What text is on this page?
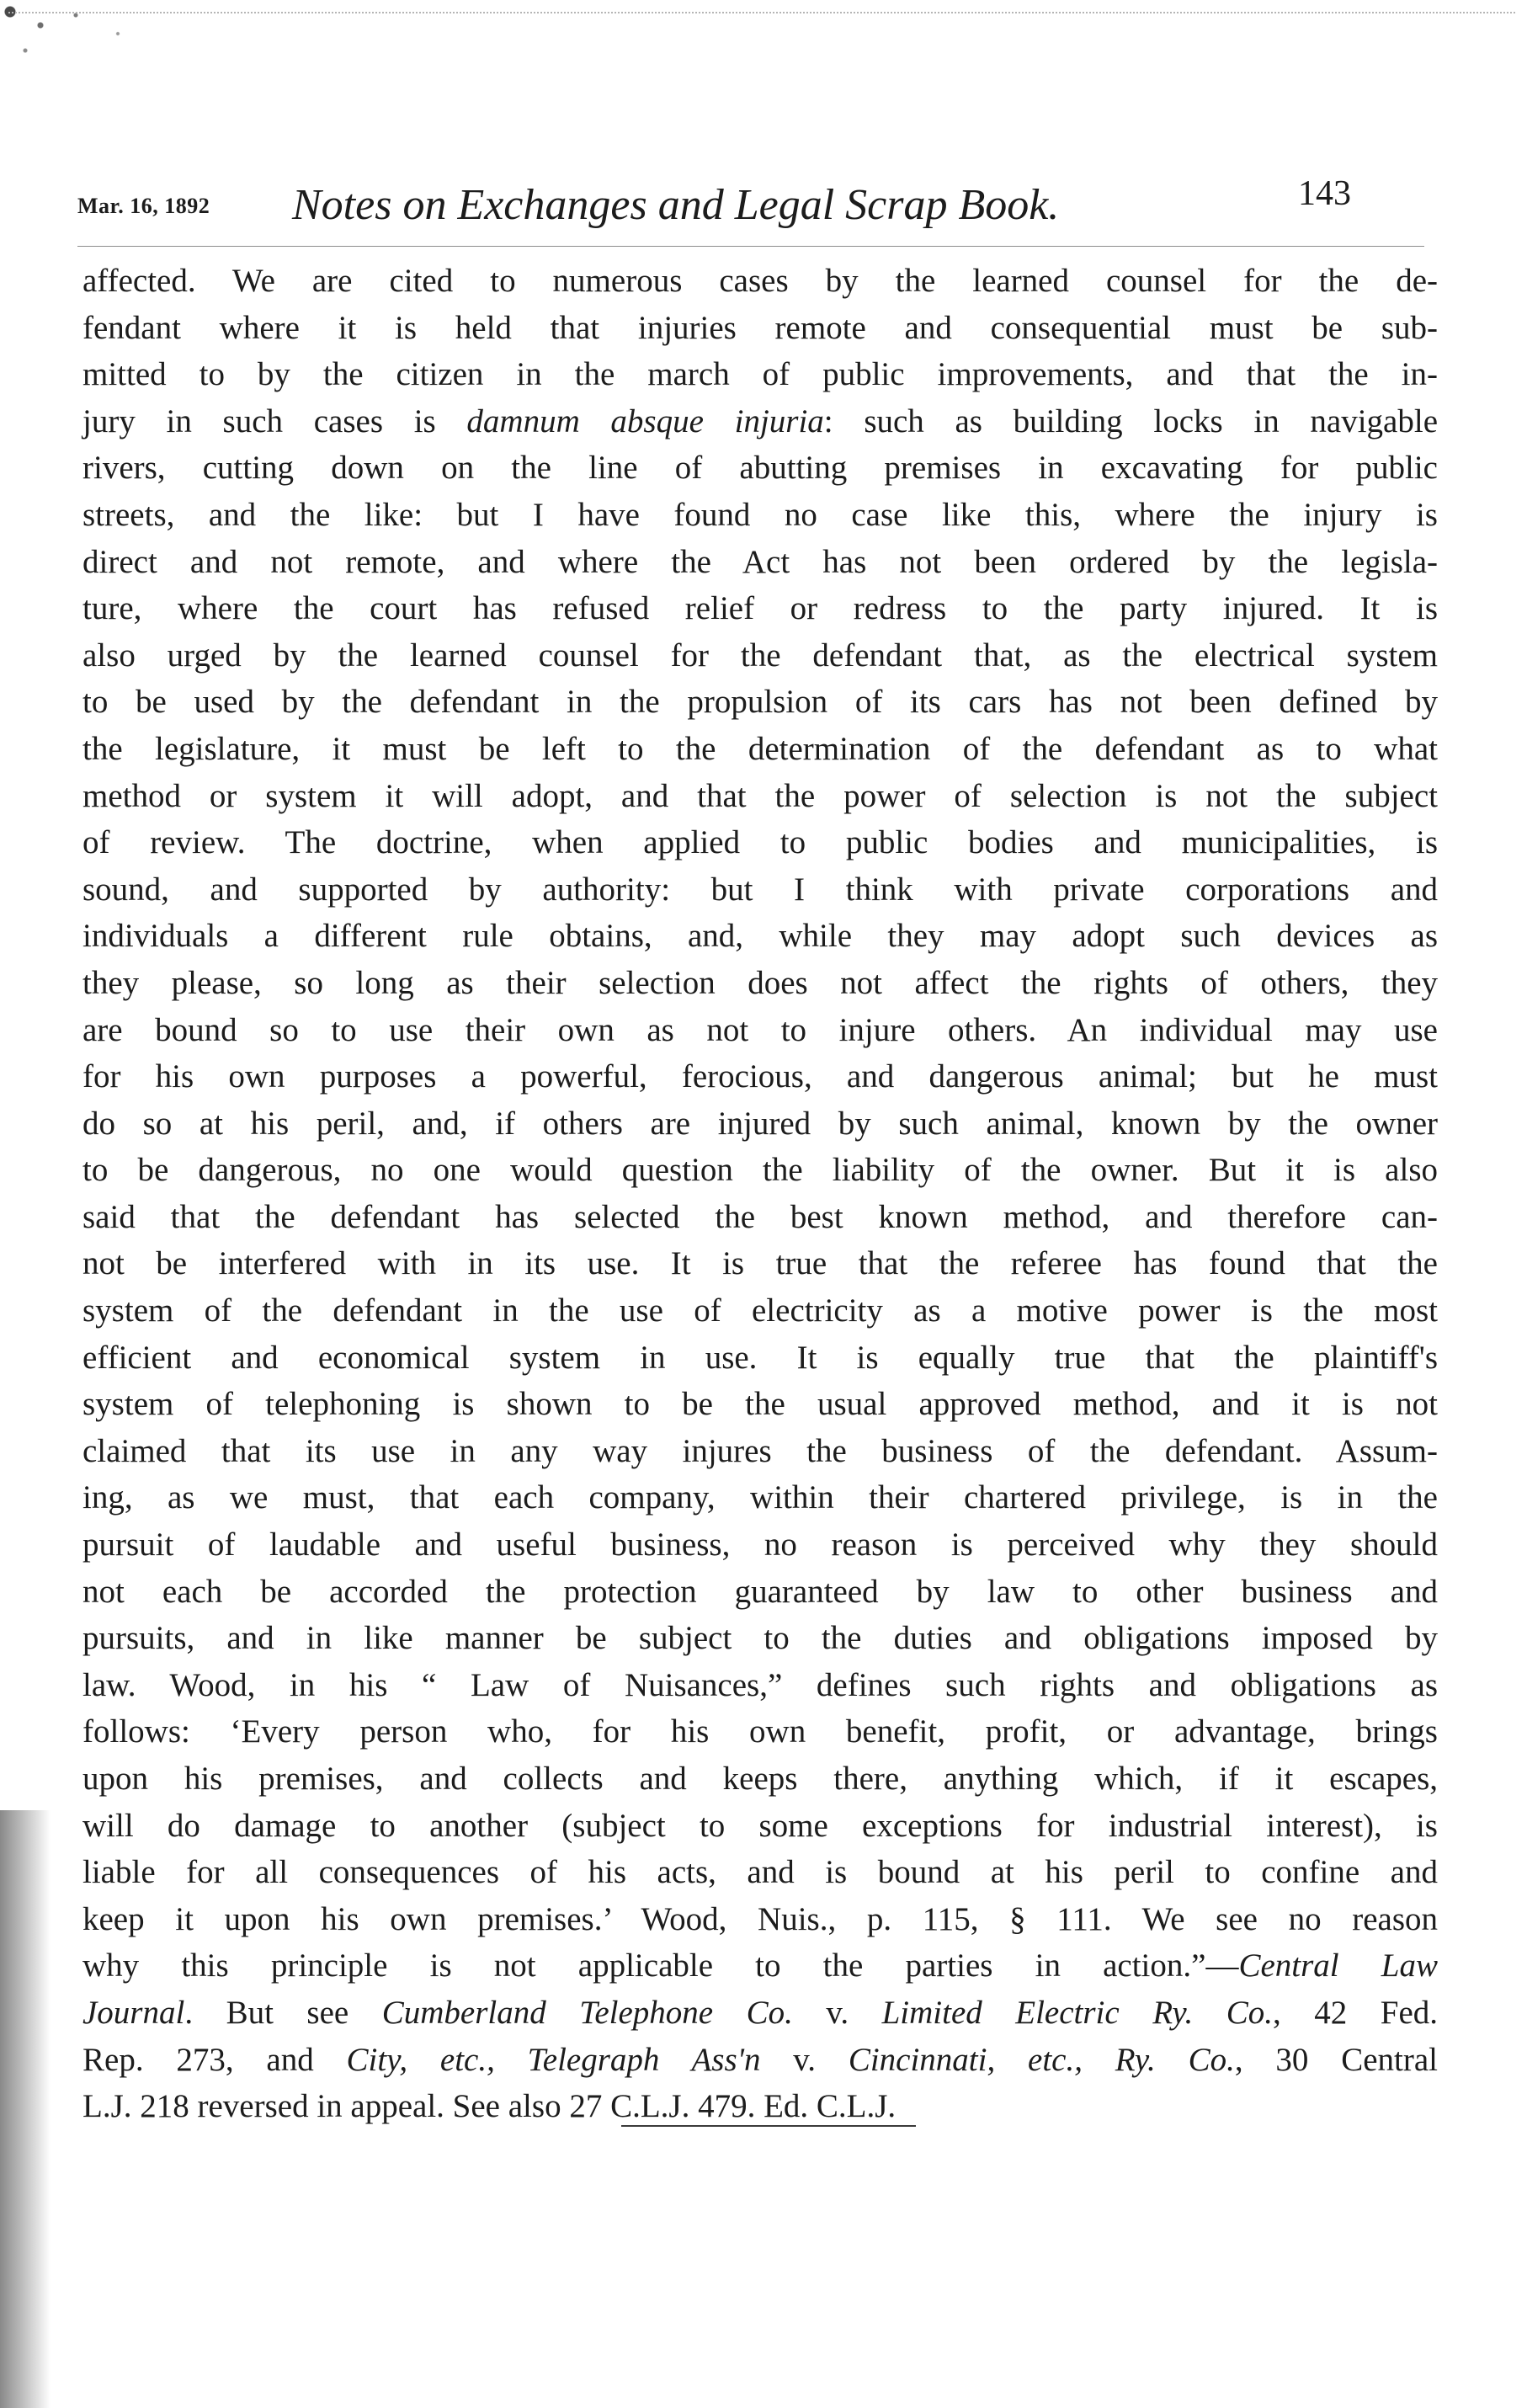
Mar. 16, 1892 Notes on Exchanges and Legal Scrap Book.	143
affected. We are cited to numerous cases by the learned counsel for the de-
fendant where it is held that injuries remote and consequential must be sub-
mitted to by the citizen in the march of public improvements, and that the in-
jury in such cases is damnum absque injuria: such as building locks in navigable
rivers, cutting down on the line of abutting premises in excavating for public
streets, and the like: but I have found no case like this, where the injury is
direct and not remote, and where the Act has not been ordered by the legisla-
ture, where the court has refused relief or redress to the party injured. It is
also urged by the learned counsel for the defendant that, as the electrical system
to be used by the defendant in the propulsion of its cars has not been defined by
the legislature, it must be left to the determination of the defendant as to what
method or system it will adopt, and that the power of selection is not the subject
of review. The doctrine, when applied to public bodies and municipalities, is
sound, and supported by authority: but I think with private corporations and
individuals a different rule obtains, and, while they may adopt such devices as
they please, so long as their selection does not affect the rights of others, they
are bound so to use their own as not to injure others. An individual may use
for his own purposes a powerful, ferocious, and dangerous animal; but he must
do so at his peril, and, if others are injured by such animal, known by the owner
to be dangerous, no one would question the liability of the owner. But it is also
said that the defendant has selected the best known method, and therefore can-
not be interfered with in its use. It is true that the referee has found that the
system of the defendant in the use of electricity as a motive power is the most
efficient and economical system in use. It is equally true that the plaintiff's
system of telephoning is shown to be the usual approved method, and it is not
claimed that its use in any way injures the business of the defendant. Assum-
ing, as we must, that each company, within their chartered privilege, is in the
pursuit of laudable and useful business, no reason is perceived why they should
not each be accorded the protection guaranteed by law to other business and
pursuits, and in like manner be subject to the duties and obligations imposed by
law. Wood, in his “ Law of Nuisances,” defines such rights and obligations as
follows: ‘Every person who, for his own benefit, profit, or advantage, brings
upon his premises, and collects and keeps there, anything which, if it escapes,
will do damage to another (subject to some exceptions for industrial interest), is
liable for all consequences of his acts, and is bound at his peril to confine and
keep it upon his own premises.’ Wood, Nuis., p. 115, § 111. We see no reason
why this principle is not applicable to the parties in action.”—Central Law
Journal. But see Cumberland Telephone Co. v. Limited Electric Ry. Co., 42 Fed.
Rep. 273, and City, etc., Telegraph Ass'n v. Cincinnati, etc., Ry. Co., 30 Central
L.J. 218 reversed in appeal. See also 27 C.L.J. 479. Ed. C.L.J.
